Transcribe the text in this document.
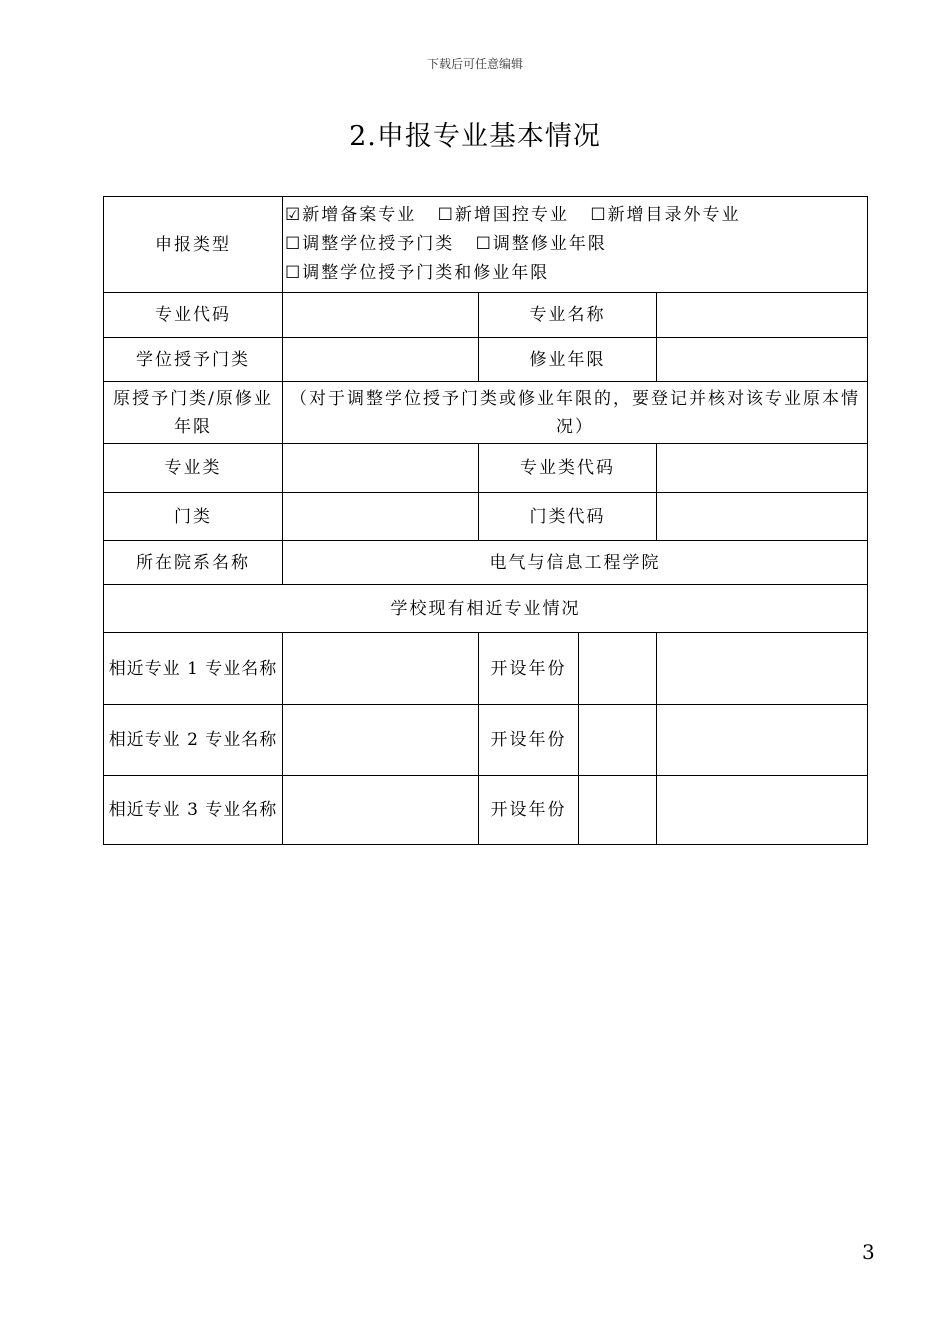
下载后可任意编辑
2.申报专业基本情况
申报类型	☑新增备案专业 ☐新增国控专业 ☐新增目录外专业 ☐调整学位授予门类 ☐调整修业年限 ☐调整学位授予门类和修业年限			
专业代码		专业名称		
学位授予门类		修业年限		
原授予门类/原修业年限	（对于调整学位授予门类或修业年限的，要登记并核对该专业原本情况）			
专业类		专业类代码		
门类		门类代码		
所在院系名称	电气与信息工程学院			
学校现有相近专业情况				
相近专业 1 专业名称		开设年份		
相近专业 2 专业名称		开设年份		
相近专业 3 专业名称		开设年份		
3
